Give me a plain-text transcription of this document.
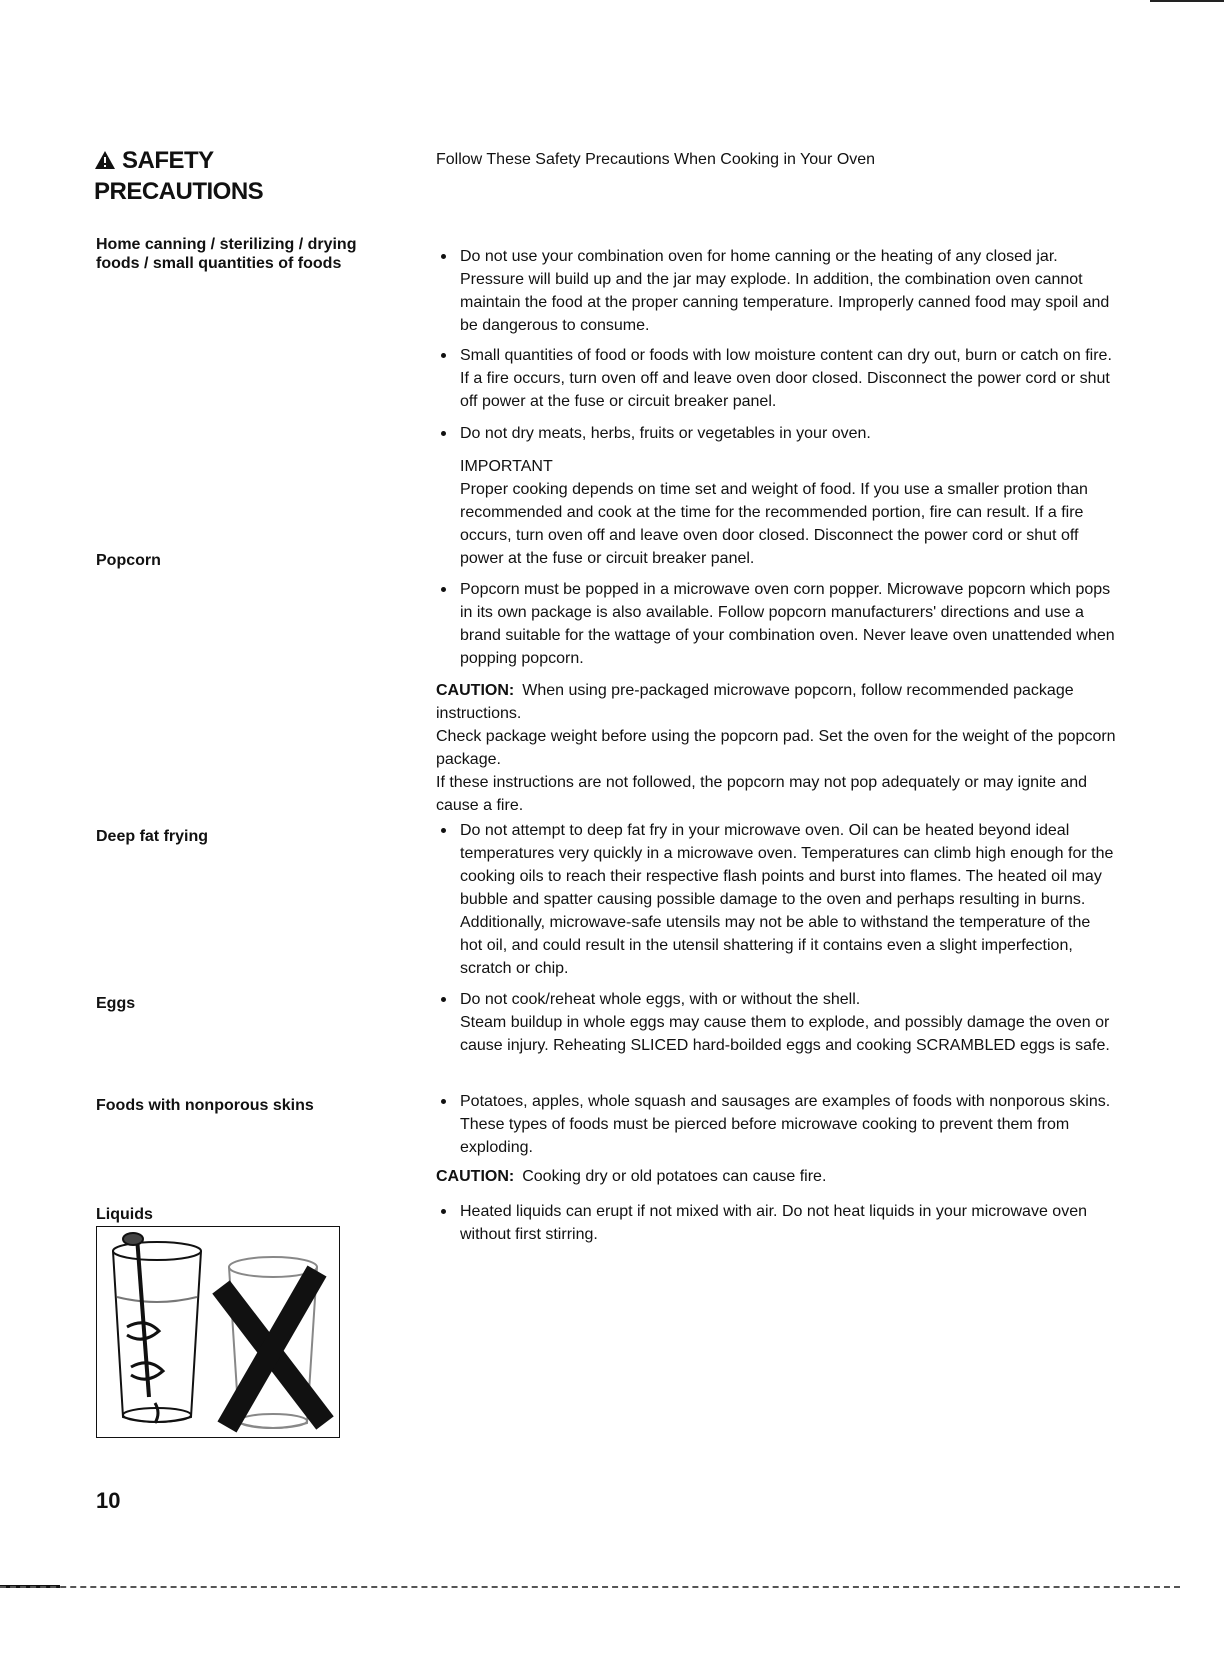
SAFETY
PRECAUTIONS

Follow These Safety Precautions When Cooking in Your Oven

Home canning / sterilizing / drying foods / small quantities of foods

Popcorn

Deep fat frying

Eggs

Foods with nonporous skins

Liquids

Do not use your combination oven for home canning or the heating of any closed jar. Pressure will build up and the jar may explode. In addition, the combination oven cannot maintain the food at the proper canning temperature. Improperly canned food may spoil and be dangerous to consume.

Small quantities of food or foods with low moisture content can dry out, burn or catch on fire. If a fire occurs, turn oven off and leave oven door closed. Disconnect the power cord or shut off power at the fuse or circuit breaker panel.

Do not dry meats, herbs, fruits or vegetables in your oven.

IMPORTANT

Proper cooking depends on time set and weight of food. If you use a smaller protion than recommended and cook at the time for the recommended portion, fire can result. If a fire occurs, turn oven off and leave oven door closed. Disconnect the power cord or shut off power at the fuse or circuit breaker panel.

Popcorn must be popped in a microwave oven corn popper. Microwave popcorn which pops in its own package is also available. Follow popcorn manufacturers' directions and use a brand suitable for the wattage of your combination oven. Never leave oven unattended when popping popcorn.

CAUTION: When using pre-packaged microwave popcorn, follow recommended package instructions.

Check package weight before using the popcorn pad. Set the oven for the weight of the popcorn package.

If these instructions are not followed, the popcorn may not pop adequately or may ignite and cause a fire.

Do not attempt to deep fat fry in your microwave oven. Oil can be heated beyond ideal temperatures very quickly in a microwave oven. Temperatures can climb high enough for the cooking oils to reach their respective flash points and burst into flames. The heated oil may bubble and spatter causing possible damage to the oven and perhaps resulting in burns. Additionally, microwave-safe utensils may not be able to withstand the temperature of the hot oil, and could result in the utensil shattering if it contains even a slight imperfection, scratch or chip.

Do not cook/reheat whole eggs, with or without the shell.
Steam buildup in whole eggs may cause them to explode, and possibly damage the oven or cause injury. Reheating SLICED hard-boilded eggs and cooking SCRAMBLED eggs is safe.

Potatoes, apples, whole squash and sausages are examples of foods with nonporous skins. These types of foods must be pierced before microwave cooking to prevent them from exploding.

CAUTION: Cooking dry or old potatoes can cause fire.

Heated liquids can erupt if not mixed with air. Do not heat liquids in your microwave oven without first stirring.

10
